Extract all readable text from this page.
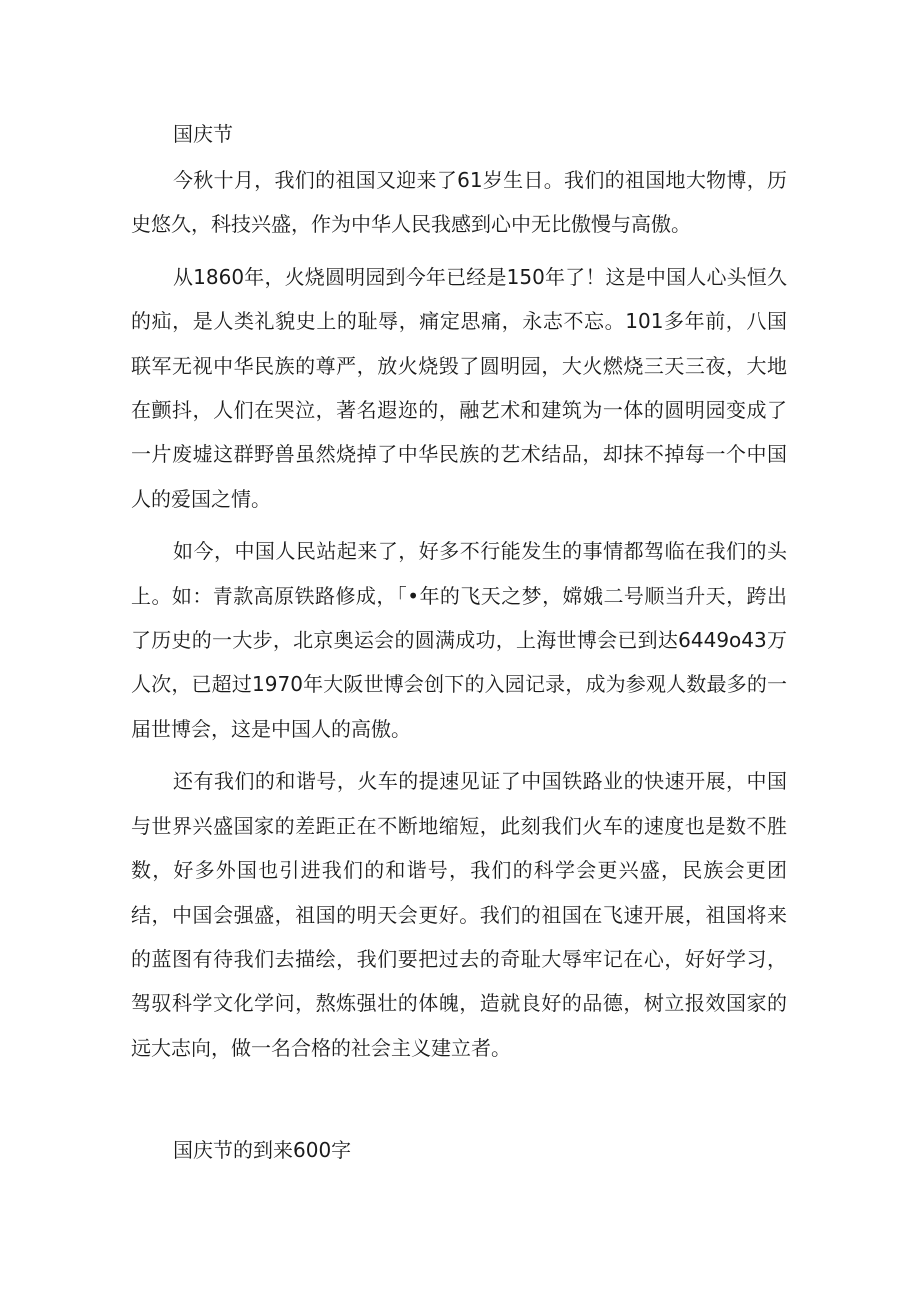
国庆节

今秋十月，我们的祖国又迎来了61岁生日。我们的祖国地大物博，历史悠久，科技兴盛，作为中华人民我感到心中无比傲慢与高傲。

从1860年，火烧圆明园到今年已经是150年了！这是中国人心头恒久的疝，是人类礼貌史上的耻辱，痛定思痛，永志不忘。101多年前，八国联军无视中华民族的尊严，放火烧毁了圆明园，大火燃烧三天三夜，大地在颤抖，人们在哭泣，著名遐迩的，融艺术和建筑为一体的圆明园变成了一片废墟这群野兽虽然烧掉了中华民族的艺术结品，却抹不掉每一个中国人的爱国之情。

如今，中国人民站起来了，好多不行能发生的事情都驾临在我们的头上。如：青款高原铁路修成，「•年的飞天之梦，嫦娥二号顺当升天，跨出了历史的一大步，北京奥运会的圆满成功，上海世博会已到达6449o43万人次，已超过1970年大阪世博会创下的入园记录，成为参观人数最多的一届世博会，这是中国人的高傲。

还有我们的和谐号，火车的提速见证了中国铁路业的快速开展，中国与世界兴盛国家的差距正在不断地缩短，此刻我们火车的速度也是数不胜数，好多外国也引进我们的和谐号，我们的科学会更兴盛，民族会更团结，中国会强盛，祖国的明天会更好。我们的祖国在飞速开展，祖国将来的蓝图有待我们去描绘，我们要把过去的奇耻大辱牢记在心，好好学习，驾驭科学文化学问，熬炼强壮的体魄，造就良好的品德，树立报效国家的远大志向，做一名合格的社会主义建立者。

国庆节的到来600字
